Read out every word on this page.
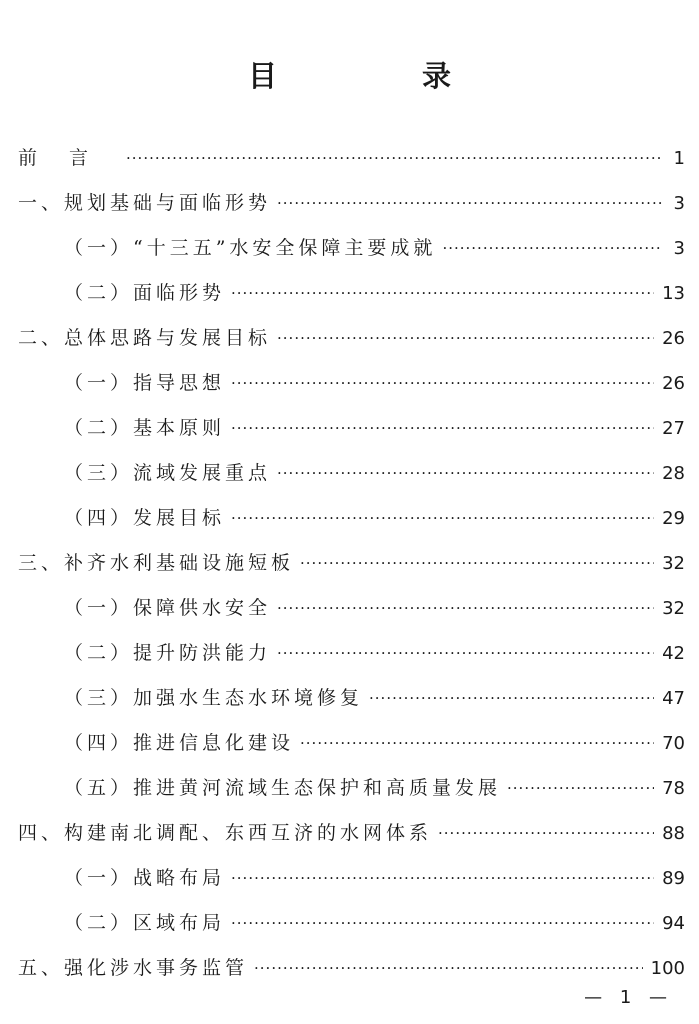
目　录
前言 ·····	1
一、规划基础与面临形势 ·····	3
（一）“十三五”水安全保障主要成就 ·····	3
（二）面临形势 ·····	13
二、总体思路与发展目标 ·····	26
（一）指导思想 ·····	26
（二）基本原则 ·····	27
（三）流域发展重点 ·····	28
（四）发展目标 ·····	29
三、补齐水利基础设施短板 ·····	32
（一）保障供水安全 ·····	32
（二）提升防洪能力 ·····	42
（三）加强水生态水环境修复 ·····	47
（四）推进信息化建设 ·····	70
（五）推进黄河流域生态保护和高质量发展 ·····	78
四、构建南北调配、东西互济的水网体系 ·····	88
（一）战略布局 ·····	89
（二）区域布局 ·····	94
五、强化涉水事务监管 ·····	100
— 1 —
